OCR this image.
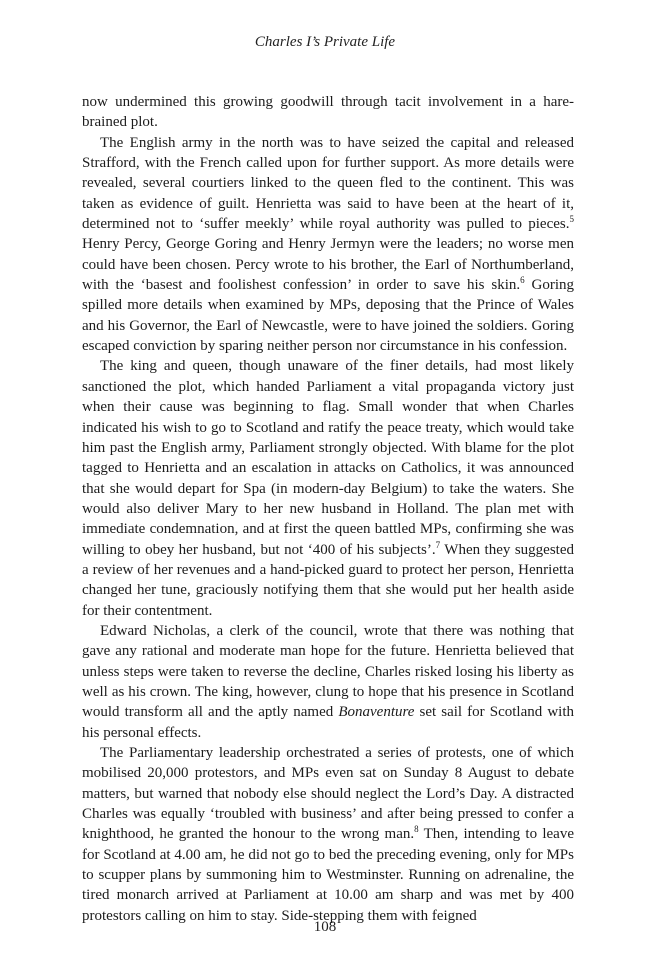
Charles I’s Private Life

now undermined this growing goodwill through tacit involvement in a hare-brained plot.

The English army in the north was to have seized the capital and released Strafford, with the French called upon for further support. As more details were revealed, several courtiers linked to the queen fled to the continent. This was taken as evidence of guilt. Henrietta was said to have been at the heart of it, determined not to ‘suffer meekly’ while royal authority was pulled to pieces.$^5$ Henry Percy, George Goring and Henry Jermyn were the leaders; no worse men could have been chosen. Percy wrote to his brother, the Earl of Northumberland, with the ‘basest and foolishest confession’ in order to save his skin.$^6$ Goring spilled more details when examined by MPs, deposing that the Prince of Wales and his Governor, the Earl of Newcastle, were to have joined the soldiers. Goring escaped conviction by sparing neither person nor circumstance in his confession.

The king and queen, though unaware of the finer details, had most likely sanctioned the plot, which handed Parliament a vital propaganda victory just when their cause was beginning to flag. Small wonder that when Charles indicated his wish to go to Scotland and ratify the peace treaty, which would take him past the English army, Parliament strongly objected. With blame for the plot tagged to Henrietta and an escalation in attacks on Catholics, it was announced that she would depart for Spa (in modern-day Belgium) to take the waters. She would also deliver Mary to her new husband in Holland. The plan met with immediate condemnation, and at first the queen battled MPs, confirming she was willing to obey her husband, but not ‘400 of his subjects’.$^7$ When they suggested a review of her revenues and a hand-picked guard to protect her person, Henrietta changed her tune, graciously notifying them that she would put her health aside for their contentment.

Edward Nicholas, a clerk of the council, wrote that there was nothing that gave any rational and moderate man hope for the future. Henrietta believed that unless steps were taken to reverse the decline, Charles risked losing his liberty as well as his crown. The king, however, clung to hope that his presence in Scotland would transform all and the aptly named Bonaventure set sail for Scotland with his personal effects.

The Parliamentary leadership orchestrated a series of protests, one of which mobilised 20,000 protestors, and MPs even sat on Sunday 8 August to debate matters, but warned that nobody else should neglect the Lord’s Day. A distracted Charles was equally ‘troubled with business’ and after being pressed to confer a knighthood, he granted the honour to the wrong man.$^8$ Then, intending to leave for Scotland at 4.00 am, he did not go to bed the preceding evening, only for MPs to scupper plans by summoning him to Westminster. Running on adrenaline, the tired monarch arrived at Parliament at 10.00 am sharp and was met by 400 protestors calling on him to stay. Side-stepping them with feigned

108
